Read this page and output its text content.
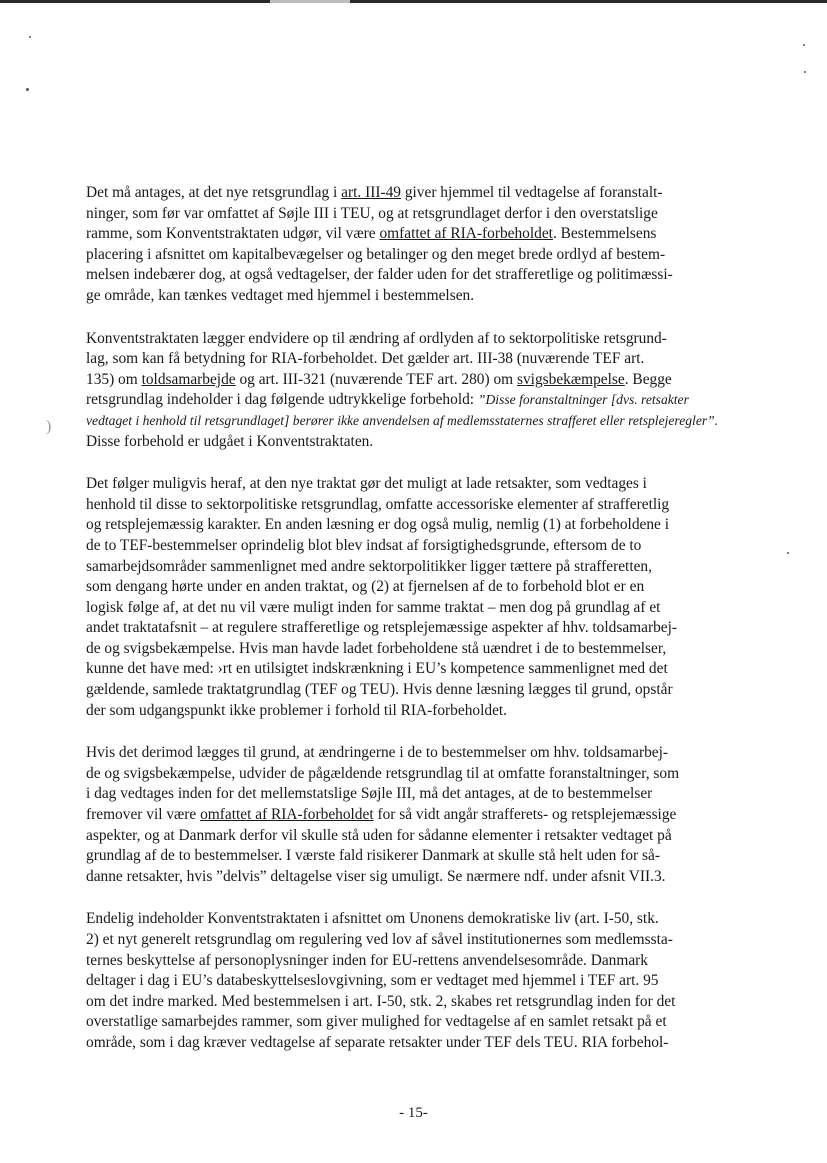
)

Det må antages, at det nye retsgrundlag i art. III-49 giver hjemmel til vedtagelse af foranstalt-
ninger, som før var omfattet af Søjle III i TEU, og at retsgrundlaget derfor i den overstatslige
ramme, som Konventstraktaten udgør, vil være omfattet af RIA-forbeholdet. Bestemmelsens
placering i afsnittet om kapitalbevægelser og betalinger og den meget brede ordlyd af bestem-
melsen indebærer dog, at også vedtagelser, der falder uden for det strafferetlige og politimæssi-
ge område, kan tænkes vedtaget med hjemmel i bestemmelsen.

Konventstraktaten lægger endvidere op til ændring af ordlyden af to sektorpolitiske retsgrund-
lag, som kan få betydning for RIA-forbeholdet. Det gælder art. III-38 (nuværende TEF art.
135) om toldsamarbejde og art. III-321 (nuværende TEF art. 280) om svigsbekæmpelse. Begge
retsgrundlag indeholder i dag følgende udtrykkelige forbehold: ”Disse foranstaltninger [dvs. retsakter
vedtaget i henhold til retsgrundlaget] berører ikke anvendelsen af medlemsstaternes strafferet eller retsplejeregler”.
Disse forbehold er udgået i Konventstraktaten.

Det følger muligvis heraf, at den nye traktat gør det muligt at lade retsakter, som vedtages i
henhold til disse to sektorpolitiske retsgrundlag, omfatte accessoriske elementer af strafferetlig
og retsplejemæssig karakter. En anden læsning er dog også mulig, nemlig (1) at forbeholdene i
de to TEF-bestemmelser oprindelig blot blev indsat af forsigtighedsgrunde, eftersom de to
samarbejdsområder sammenlignet med andre sektorpolitikker ligger tættere på strafferetten,
som dengang hørte under en anden traktat, og (2) at fjernelsen af de to forbehold blot er en
logisk følge af, at det nu vil være muligt inden for samme traktat – men dog på grundlag af et
andet traktatafsnit – at regulere strafferetlige og retsplejemæssige aspekter af hhv. toldsamarbej-
de og svigsbekæmpelse. Hvis man havde ladet forbeholdene stå uændret i de to bestemmelser,
kunne det have med: ›rt en utilsigtet indskrænkning i EU’s kompetence sammenlignet med det
gældende, samlede traktatgrundlag (TEF og TEU). Hvis denne læsning lægges til grund, opstår
der som udgangspunkt ikke problemer i forhold til RIA-forbeholdet.

Hvis det derimod lægges til grund, at ændringerne i de to bestemmelser om hhv. toldsamarbej-
de og svigsbekæmpelse, udvider de pågældende retsgrundlag til at omfatte foranstaltninger, som
i dag vedtages inden for det mellemstatslige Søjle III, må det antages, at de to bestemmelser
fremover vil være omfattet af RIA-forbeholdet for så vidt angår strafferets- og retsplejemæssige
aspekter, og at Danmark derfor vil skulle stå uden for sådanne elementer i retsakter vedtaget på
grundlag af de to bestemmelser. I værste fald risikerer Danmark at skulle stå helt uden for så-
danne retsakter, hvis ”delvis” deltagelse viser sig umuligt. Se nærmere ndf. under afsnit VII.3.

Endelig indeholder Konventstraktaten i afsnittet om Unonens demokratiske liv (art. I-50, stk.
2) et nyt generelt retsgrundlag om regulering ved lov af såvel institutionernes som medlemssta-
ternes beskyttelse af personoplysninger inden for EU-rettens anvendelsesområde. Danmark
deltager i dag i EU’s databeskyttelseslovgivning, som er vedtaget med hjemmel i TEF art. 95
om det indre marked. Med bestemmelsen i art. I-50, stk. 2, skabes ret retsgrundlag inden for det
overstatlige samarbejdes rammer, som giver mulighed for vedtagelse af en samlet retsakt på et
område, som i dag kræver vedtagelse af separate retsakter under TEF dels TEU. RIA forbehol-

- 15-
